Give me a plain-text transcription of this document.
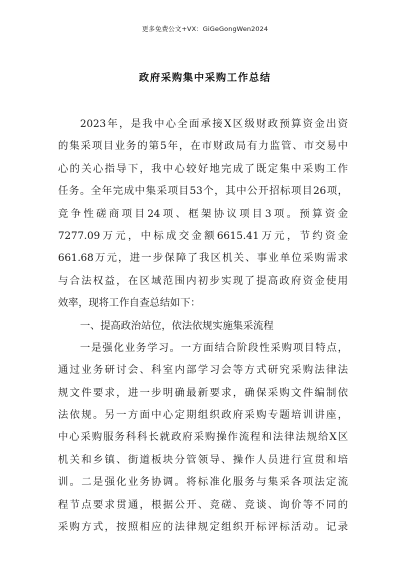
更多免费公文+VX：GiGeGongWen2024
政府采购集中采购工作总结
2023年，是我中心全面承接X区级财政预算资金出资
的集采项目业务的第5年，在市财政局有力监管、市交易中
心的关心指导下，我中心较好地完成了既定集中采购工作
任务。全年完成中集采项目53个，其中公开招标项目26项，
竞争性磋商项目24项、框架协议项目3项。预算资金
7277.09万元，中标成交金额6615.41万元，节约资金
661.68万元，进一步保障了我区机关、事业单位采购需求
与合法权益，在区域范围内初步实现了提高政府资金使用
效率，现将工作自查总结如下：
一、提高政治站位，依法依规实施集采流程
一是强化业务学习。一方面结合阶段性采购项目特点，
通过业务研讨会、科室内部学习会等方式研究采购法律法
规文件要求，进一步明确最新要求，确保采购文件编制依
法依规。另一方面中心定期组织政府采购专题培训讲座，
中心采购服务科科长就政府采购操作流程和法律法规给X区
机关和乡镇、街道板块分管领导、操作人员进行宣贯和培
训。二是强化业务协调。将标准化服务与集采各项法定流
程节点要求贯通，根据公开、竞磋、竞谈、询价等不同的
采购方式，按照相应的法律规定组织开标评标活动。记录
